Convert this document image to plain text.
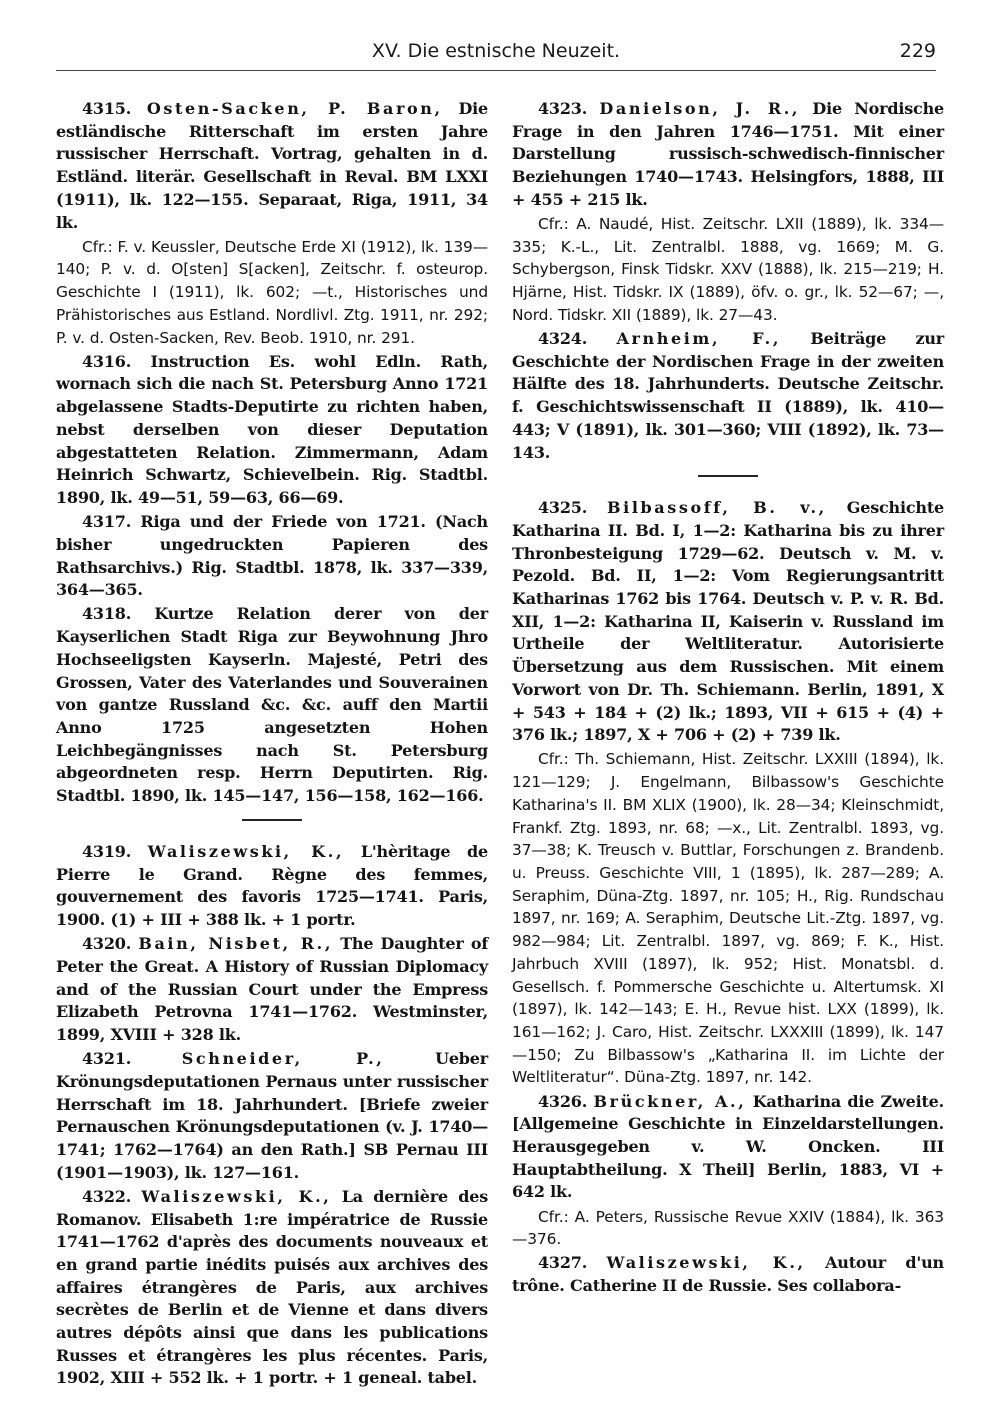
XV. Die estnische Neuzeit.	229

4315. Osten-Sacken, P. Baron, Die estländische Ritterschaft im ersten Jahre russischer Herrschaft. Vortrag, gehalten in d. Estländ. literär. Gesellschaft in Reval. BM LXXI (1911), lk. 122—155. Separaat, Riga, 1911, 34 lk.

Cfr.: F. v. Keussler, Deutsche Erde XI (1912), lk. 139—140; P. v. d. O[sten] S[acken], Zeitschr. f. osteurop. Geschichte I (1911), lk. 602; —t., Historisches und Prähistorisches aus Estland. Nordlivl. Ztg. 1911, nr. 292; P. v. d. Osten-Sacken, Rev. Beob. 1910, nr. 291.

4316. Instruction Es. wohl Edln. Rath, wornach sich die nach St. Petersburg Anno 1721 abgelassene Stadts-Deputirte zu richten haben, nebst derselben von dieser Deputation abgestatteten Relation. Zimmermann, Adam Heinrich Schwartz, Schievelbein. Rig. Stadtbl. 1890, lk. 49—51, 59—63, 66—69.

4317. Riga und der Friede von 1721. (Nach bisher ungedruckten Papieren des Rathsarchivs.) Rig. Stadtbl. 1878, lk. 337—339, 364—365.

4318. Kurtze Relation derer von der Kayserlichen Stadt Riga zur Beywohnung Jhro Hochseeligsten Kayserln. Majesté, Petri des Grossen, Vater des Vaterlandes und Souverainen von gantze Russland &c. &c. auff den Martii Anno 1725 angesetzten Hohen Leichbegängnisses nach St. Petersburg abgeordneten resp. Herrn Deputirten. Rig. Stadtbl. 1890, lk. 145—147, 156—158, 162—166.

4319. Waliszewski, K., L'hèritage de Pierre le Grand. Règne des femmes, gouvernement des favoris 1725—1741. Paris, 1900. (1) + III + 388 lk. + 1 portr.

4320. Bain, Nisbet, R., The Daughter of Peter the Great. A History of Russian Diplomacy and of the Russian Court under the Empress Elizabeth Petrovna 1741—1762. Westminster, 1899, XVIII + 328 lk.

4321.	Schneider, P.,	Ueber Krönungsdeputationen Pernaus unter russischer Herrschaft im 18. Jahrhundert. [Briefe zweier Pernauschen Krönungsdeputationen (v. J. 1740—1741; 1762—1764) an den Rath.] SB Pernau III (1901—1903), lk. 127—161.

4322. Waliszewski, K., La dernière des Romanov. Elisabeth 1:re impératrice de Russie 1741—1762 d'après des documents nouveaux et en grand partie inédits puisés aux archives des affaires étrangères de Paris, aux archives secrètes de Berlin et de Vienne et dans divers autres dépôts ainsi que dans les publications Russes et étrangères les plus récentes. Paris, 1902, XIII + 552 lk. + 1 portr. + 1 geneal. tabel.

4323. Danielson, J. R., Die Nordische Frage in den Jahren 1746—1751. Mit einer Darstellung russisch-schwedisch-finnischer Beziehungen 1740—1743. Helsingfors, 1888, III + 455 + 215 lk.

Cfr.: A. Naudé, Hist. Zeitschr. LXII (1889), lk. 334—335; K.-L., Lit. Zentralbl. 1888, vg. 1669; M. G. Schybergson, Finsk Tidskr. XXV (1888), lk. 215—219; H. Hjärne, Hist. Tidskr. IX (1889), öfv. o. gr., lk. 52—67; —, Nord. Tidskr. XII (1889), lk. 27—43.

4324. Arnheim, F., Beiträge zur Geschichte der Nordischen Frage in der zweiten Hälfte des 18. Jahrhunderts. Deutsche Zeitschr. f. Geschichtswissenschaft II (1889), lk. 410—443; V (1891), lk. 301—360; VIII (1892), lk. 73—143.

4325. Bilbassoff, B. v., Geschichte Katharina II. Bd. I, 1—2: Katharina bis zu ihrer Thronbesteigung 1729—62. Deutsch v. M. v. Pezold. Bd. II, 1—2: Vom Regierungsantritt Katharinas 1762 bis 1764. Deutsch v. P. v. R. Bd. XII, 1—2: Katharina II, Kaiserin v. Russland im Urtheile der Weltliteratur. Autorisierte Übersetzung aus dem Russischen. Mit einem Vorwort von Dr. Th. Schiemann. Berlin, 1891, X + 543 + 184 + (2) lk.; 1893, VII + 615 + (4) + 376 lk.; 1897, X + 706 + (2) + 739 lk.

Cfr.: Th. Schiemann, Hist. Zeitschr. LXXIII (1894), lk. 121—129; J. Engelmann, Bilbassow's Geschichte Katharina's II. BM XLIX (1900), lk. 28—34; Kleinschmidt, Frankf. Ztg. 1893, nr. 68; —x., Lit. Zentralbl. 1893, vg. 37—38; K. Treusch v. Buttlar, Forschungen z. Brandenb. u. Preuss. Geschichte VIII, 1 (1895), lk. 287—289; A. Seraphim, Düna-Ztg. 1897, nr. 105; H., Rig. Rundschau 1897, nr. 169; A. Seraphim, Deutsche Lit.-Ztg. 1897, vg. 982—984; Lit. Zentralbl. 1897, vg. 869; F. K., Hist. Jahrbuch XVIII (1897), lk. 952; Hist. Monatsbl. d. Gesellsch. f. Pommersche Geschichte u. Altertumsk. XI (1897), lk. 142—143; E. H., Revue hist. LXX (1899), lk. 161—162; J. Caro, Hist. Zeitschr. LXXXIII (1899), lk. 147—150; Zu Bilbassow's „Katharina II. im Lichte der Weltliteratur“. Düna-Ztg. 1897, nr. 142.

4326. Brückner, A., Katharina die Zweite. [Allgemeine Geschichte in Einzeldarstellungen. Herausgegeben v. W. Oncken. III Hauptabtheilung. X Theil] Berlin, 1883, VI + 642 lk.

Cfr.: A. Peters, Russische Revue XXIV (1884), lk. 363—376.

4327. Waliszewski, K., Autour d'un trône. Catherine II de Russie. Ses collabora-
